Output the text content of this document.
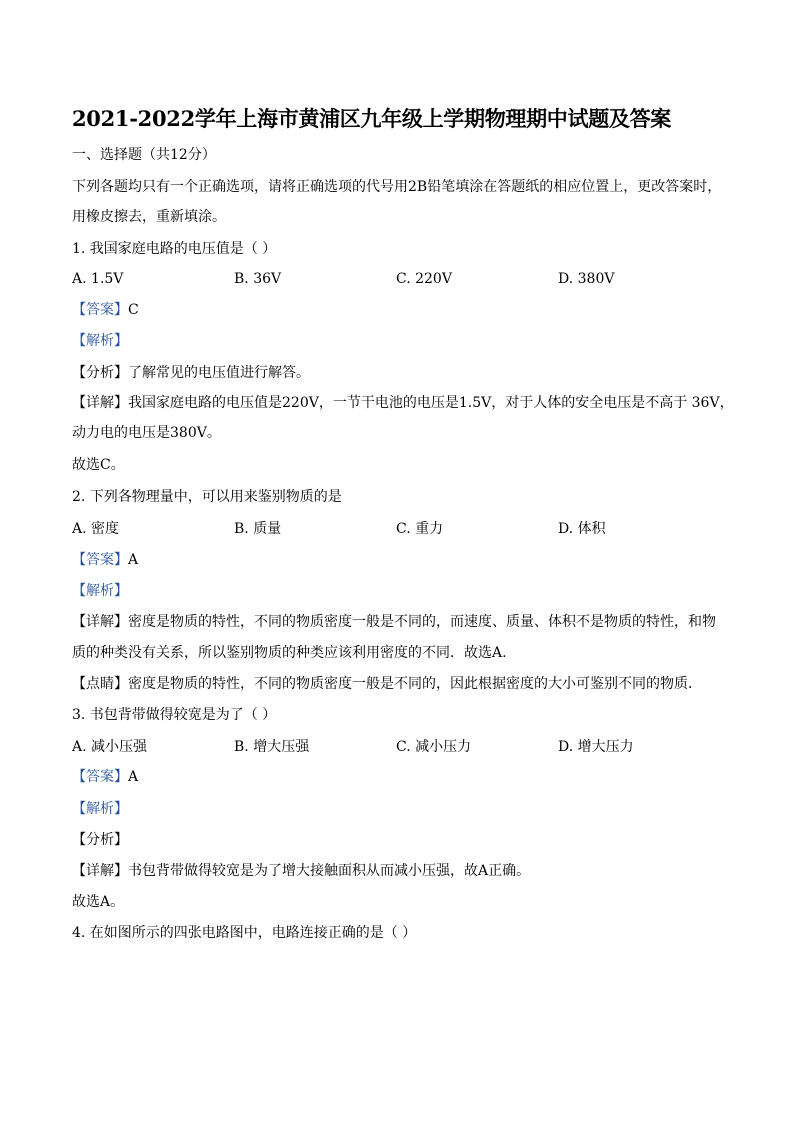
2021-2022学年上海市黄浦区九年级上学期物理期中试题及答案
一、选择题（共12分）
下列各题均只有一个正确选项，请将正确选项的代号用2B铅笔填涂在答题纸的相应位置上，更改答案时，
用橡皮擦去，重新填涂。
1. 我国家庭电路的电压值是（ ）
A. 1.5V	B. 36V	C. 220V	D. 380V
【答案】C
【解析】
【分析】了解常见的电压值进行解答。
【详解】我国家庭电路的电压值是220V，一节干电池的电压是1.5V，对于人体的安全电压是不高于 36V，
动力电的电压是380V。
故选C。
2. 下列各物理量中，可以用来鉴别物质的是
A. 密度	B. 质量	C. 重力	D. 体积
【答案】A
【解析】
【详解】密度是物质的特性，不同的物质密度一般是不同的，而速度、质量、体积不是物质的特性，和物
质的种类没有关系，所以鉴别物质的种类应该利用密度的不同．故选A.
【点睛】密度是物质的特性，不同的物质密度一般是不同的，因此根据密度的大小可鉴别不同的物质．
3. 书包背带做得较宽是为了（ ）
A. 减小压强	B. 增大压强	C. 减小压力	D. 增大压力
【答案】A
【解析】
【分析】
【详解】书包背带做得较宽是为了增大接触面积从而减小压强，故A正确。
故选A。
4. 在如图所示的四张电路图中，电路连接正确的是（ ）
